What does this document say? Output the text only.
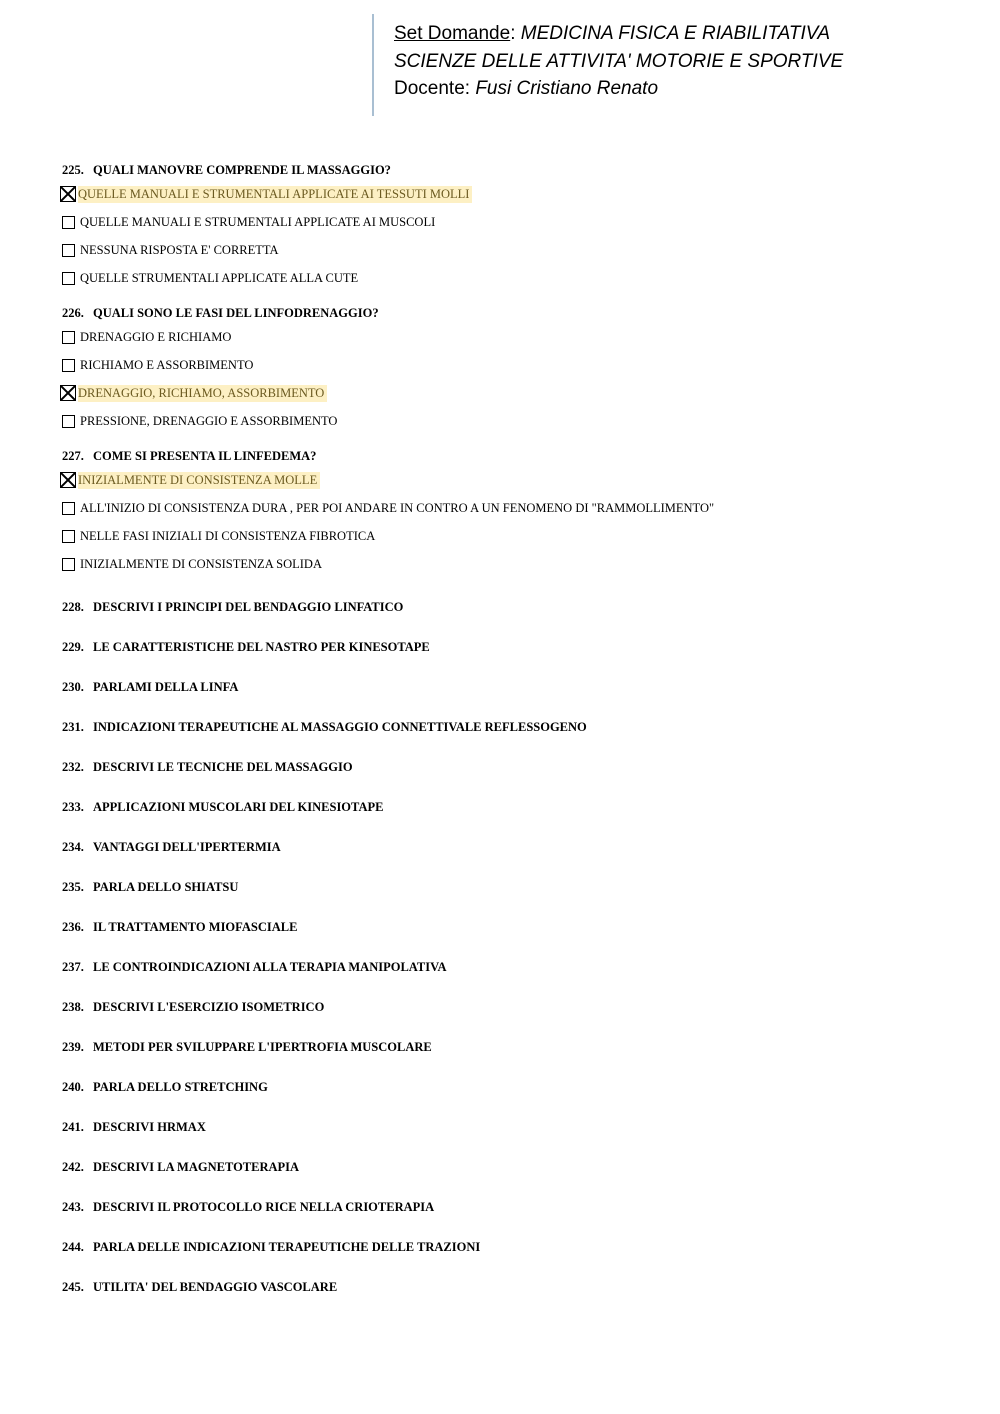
Set Domande: MEDICINA FISICA E RIABILITATIVA
SCIENZE DELLE ATTIVITA' MOTORIE E SPORTIVE
Docente: Fusi Cristiano Renato
225. QUALI MANOVRE COMPRENDE IL MASSAGGIO?
QUELLE MANUALI E STRUMENTALI APPLICATE AI TESSUTI MOLLI
QUELLE MANUALI E STRUMENTALI APPLICATE AI MUSCOLI
NESSUNA RISPOSTA E' CORRETTA
QUELLE STRUMENTALI APPLICATE ALLA CUTE
226. QUALI SONO LE FASI DEL LINFODRENAGGIO?
DRENAGGIO E RICHIAMO
RICHIAMO E ASSORBIMENTO
DRENAGGIO, RICHIAMO, ASSORBIMENTO
PRESSIONE, DRENAGGIO E ASSORBIMENTO
227. COME SI PRESENTA IL LINFEDEMA?
INIZIALMENTE DI CONSISTENZA MOLLE
ALL'INIZIO DI CONSISTENZA DURA , PER POI ANDARE IN CONTRO A UN FENOMENO DI "RAMMOLLIMENTO"
NELLE FASI INIZIALI DI CONSISTENZA FIBROTICA
INIZIALMENTE DI CONSISTENZA SOLIDA
228. DESCRIVI I PRINCIPI DEL BENDAGGIO LINFATICO
229. LE CARATTERISTICHE DEL NASTRO PER KINESOTAPE
230. PARLAMI DELLA LINFA
231. INDICAZIONI TERAPEUTICHE AL MASSAGGIO CONNETTIVALE REFLESSOGENO
232. DESCRIVI LE TECNICHE DEL MASSAGGIO
233. APPLICAZIONI MUSCOLARI DEL KINESIOTAPE
234. VANTAGGI DELL'IPERTERMIA
235. PARLA DELLO SHIATSU
236. IL TRATTAMENTO MIOFASCIALE
237. LE CONTROINDICAZIONI ALLA TERAPIA MANIPOLATIVA
238. DESCRIVI L'ESERCIZIO ISOMETRICO
239. METODI PER SVILUPPARE L'IPERTROFIA MUSCOLARE
240. PARLA DELLO STRETCHING
241. DESCRIVI HRMAX
242. DESCRIVI LA MAGNETOTERAPIA
243. DESCRIVI IL PROTOCOLLO RICE NELLA CRIOTERAPIA
244. PARLA DELLE INDICAZIONI TERAPEUTICHE DELLE TRAZIONI
245. UTILITA' DEL BENDAGGIO VASCOLARE
